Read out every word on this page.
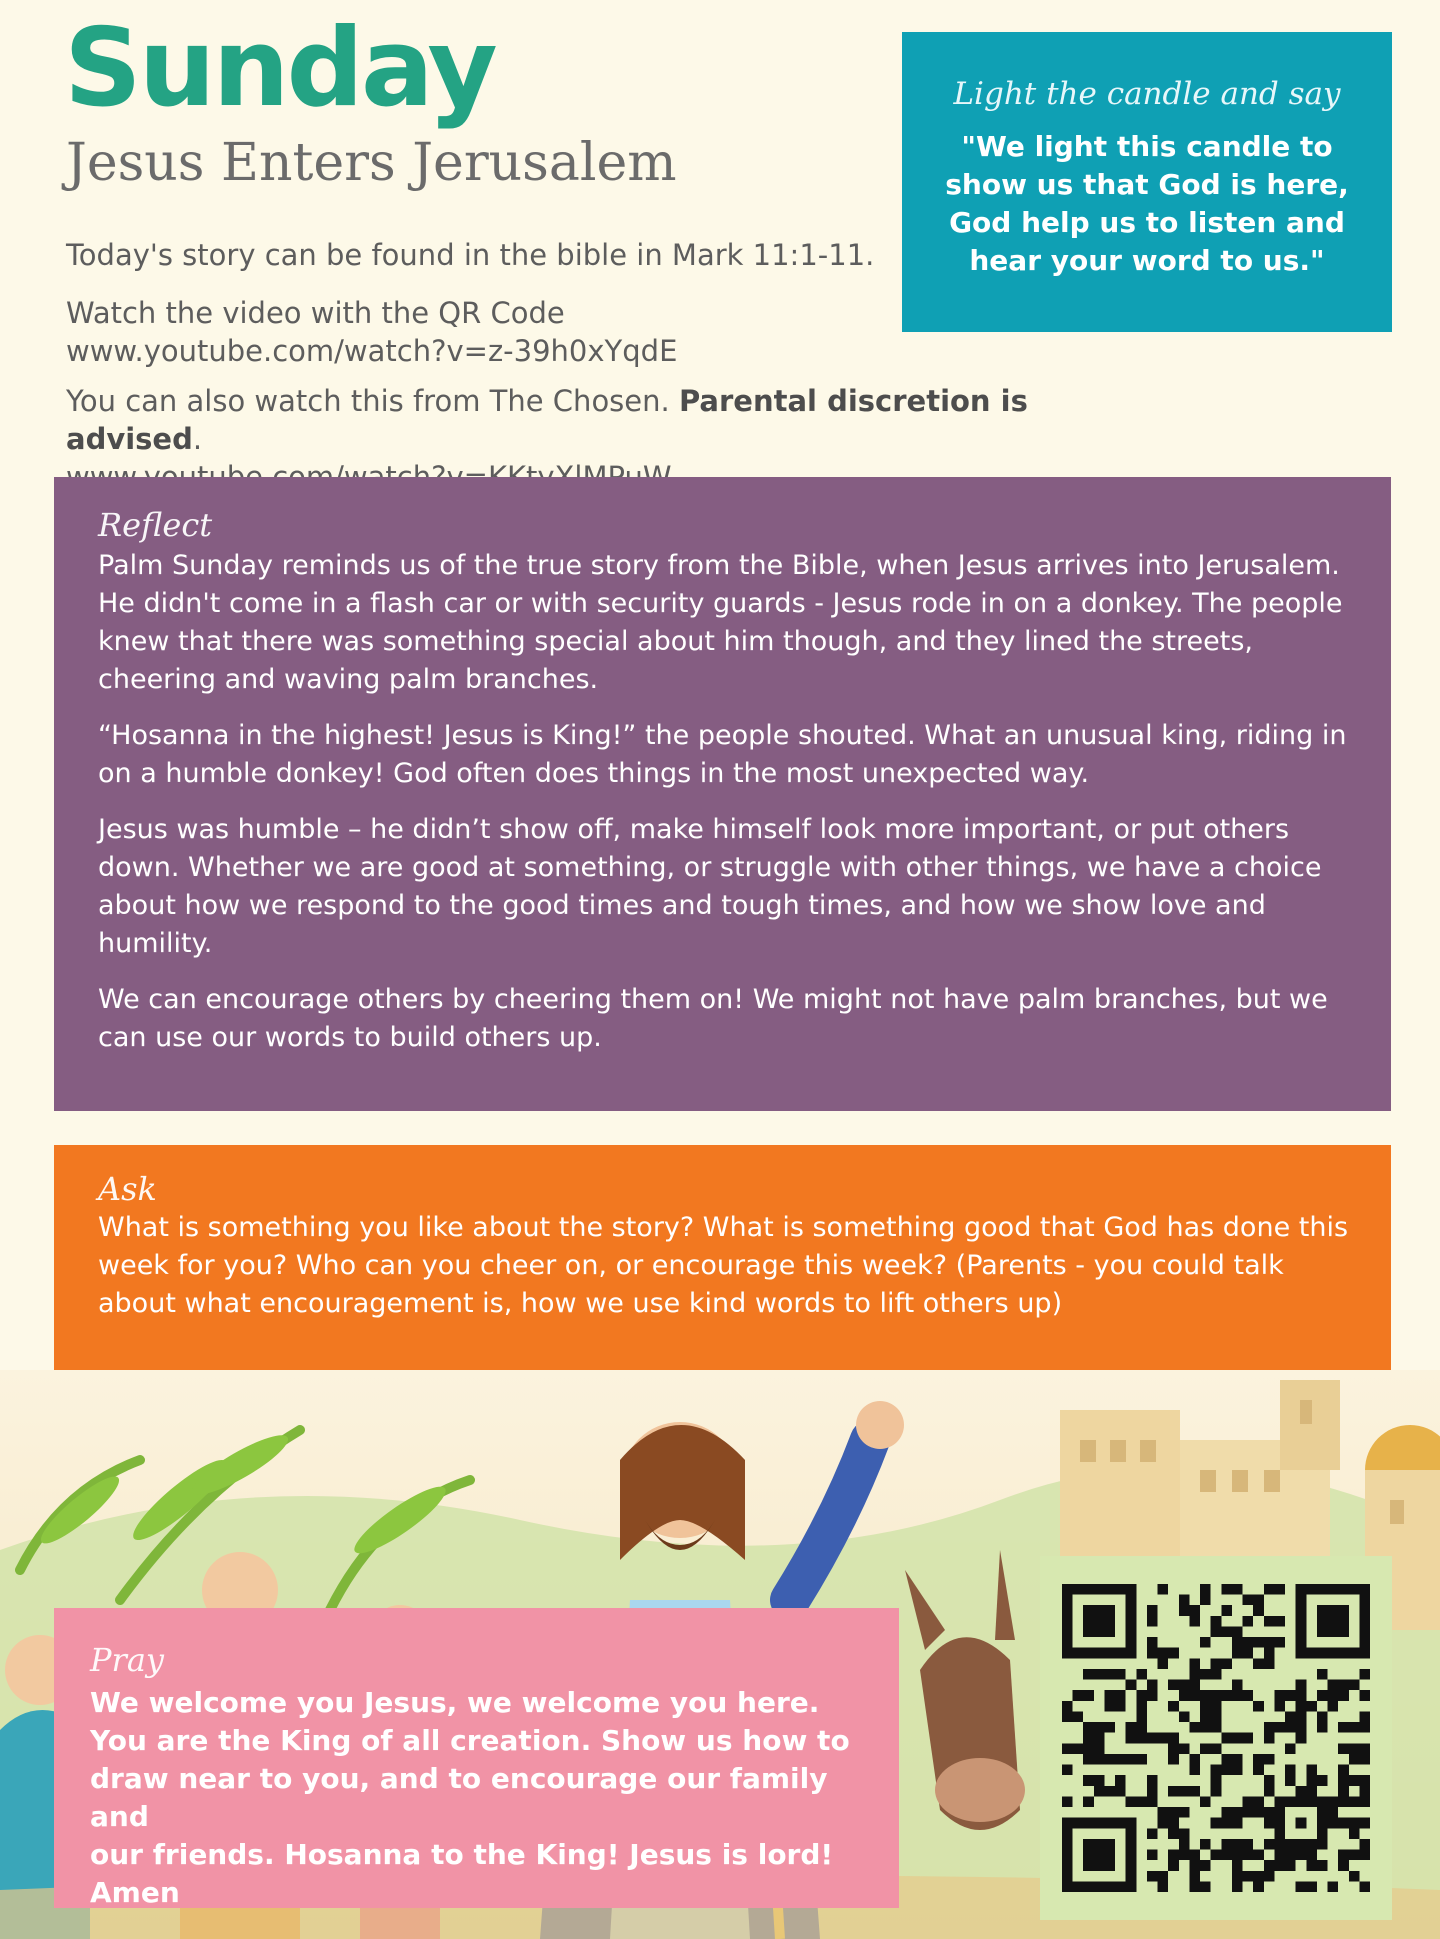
Sunday
Jesus Enters Jerusalem

Today's story can be found in the bible in Mark 11:1-11.

Watch the video with the QR Code
www.youtube.com/watch?v=z-39h0xYqdE

You can also watch this from The Chosen. Parental discretion is advised.

Light the candle and say
"We light this candle to show us that God is here, God help us to listen and hear your word to us."
Reflect

Palm Sunday reminds us of the true story from the Bible, when Jesus arrives into Jerusalem. He didn't come in a flash car or with security guards - Jesus rode in on a donkey. The people knew that there was something special about him though, and they lined the streets, cheering and waving palm branches.

“Hosanna in the highest! Jesus is King!” the people shouted. What an unusual king, riding in on a humble donkey! God often does things in the most unexpected way.

Jesus was humble – he didn’t show off, make himself look more important, or put others down. Whether we are good at something, or struggle with other things, we have a choice about how we respond to the good times and tough times, and how we show love and humility.

We can encourage others by cheering them on! We might not have palm branches, but we can use our words to build others up.

Ask

What is something you like about the story? What is something good that God has done this week for you? Who can you cheer on, or encourage this week? (Parents - you could talk about what encouragement is, how we use kind words to lift others up)

Pray

We welcome you Jesus, we welcome you here.

You are the King of all creation. Show us how to

draw near to you, and to encourage our family and

our friends. Hosanna to the King! Jesus is lord!

Amen
